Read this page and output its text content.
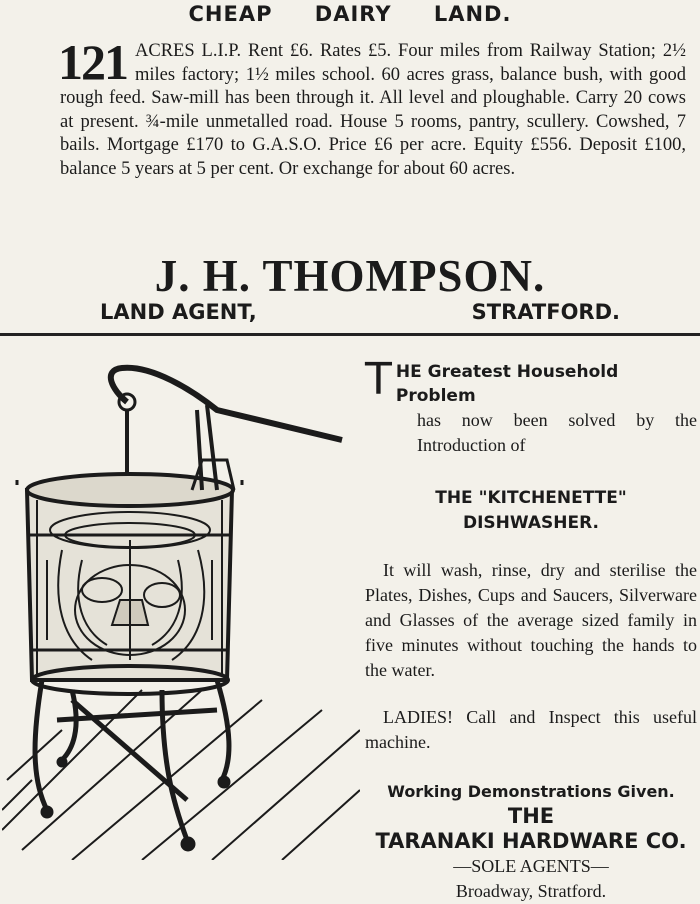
CHEAP DAIRY LAND.
121 ACRES L.I.P. Rent £6. Rates £5. Four miles from Railway Station; 2½ miles factory; 1½ miles school. 60 acres grass, balance bush, with good rough feed. Saw-mill has been through it. All level and ploughable. Carry 20 cows at present. ¾-mile unmetalled road. House 5 rooms, pantry, scullery. Cowshed, 7 bails. Mortgage £170 to G.A.S.O. Price £6 per acre. Equity £556. Deposit £100, balance 5 years at 5 per cent. Or exchange for about 60 acres.
J. H. THOMPSON.
LAND AGENT,	STRATFORD.

T HE Greatest Household Problem

has now been solved by the Introduction of

THE "KITCHENETTE"

DISHWASHER.

It will wash, rinse, dry and sterilise the Plates, Dishes, Cups and Saucers, Silverware and Glasses of the average sized family in five minutes without touching the hands to the water.

LADIES! Call and Inspect this useful machine.

Working Demonstrations Given.

THE

TARANAKI HARDWARE CO.

—SOLE AGENTS—

Broadway, Stratford.
